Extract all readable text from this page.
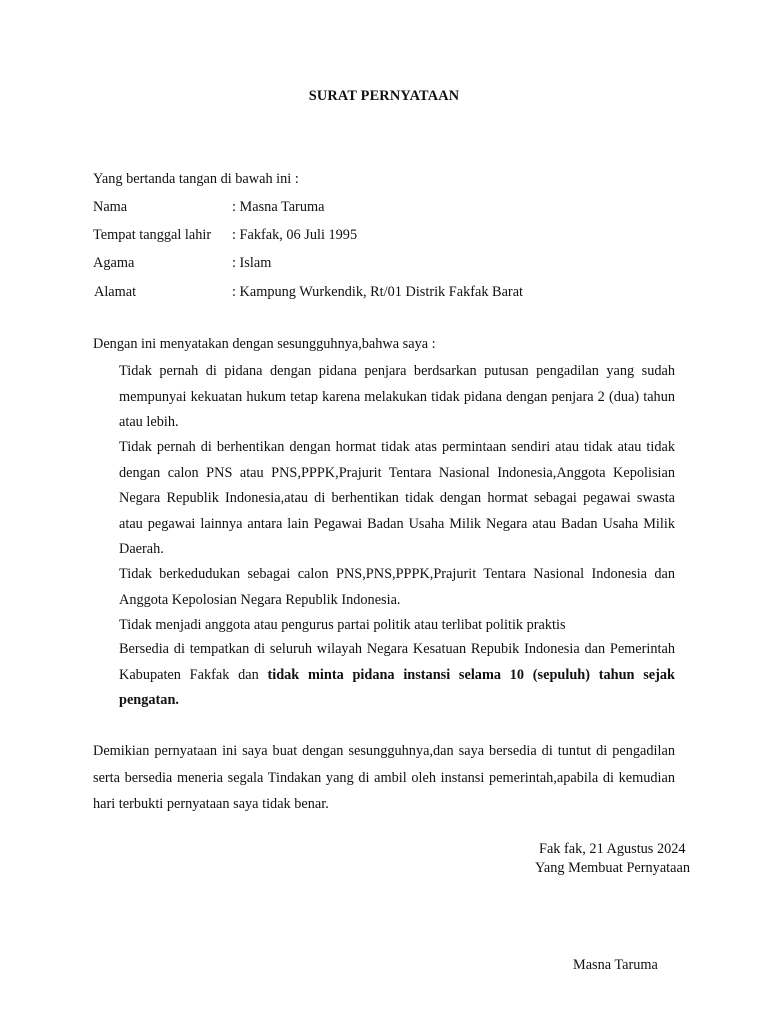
SURAT PERNYATAAN
Yang bertanda tangan di bawah ini :
Nama	: Masna Taruma
Tempat tanggal lahir : Fakfak, 06 Juli 1995
Agama	: Islam
Alamat	: Kampung Wurkendik, Rt/01 Distrik Fakfak Barat
Dengan ini menyatakan dengan sesungguhnya,bahwa saya :
Tidak pernah di pidana dengan pidana penjara berdsarkan putusan pengadilan yang sudah mempunyai kekuatan hukum tetap karena melakukan tidak pidana dengan penjara 2 (dua) tahun atau lebih.
Tidak pernah di berhentikan dengan hormat tidak atas permintaan sendiri atau tidak atau tidak dengan calon PNS atau PNS,PPPK,Prajurit Tentara Nasional Indonesia,Anggota Kepolisian Negara Republik Indonesia,atau di berhentikan tidak dengan hormat sebagai pegawai swasta atau pegawai lainnya antara lain Pegawai Badan Usaha Milik Negara atau Badan Usaha Milik Daerah.
Tidak berkedudukan sebagai calon PNS,PNS,PPPK,Prajurit Tentara Nasional Indonesia dan Anggota Kepolosian Negara Republik Indonesia.
Tidak menjadi anggota atau pengurus partai politik atau terlibat politik praktis
Bersedia di tempatkan di seluruh wilayah Negara Kesatuan Repubik Indonesia dan Pemerintah Kabupaten Fakfak dan tidak minta pidana instansi selama 10 (sepuluh) tahun sejak pengatan.
Demikian pernyataan ini saya buat dengan sesungguhnya,dan saya bersedia di tuntut di pengadilan serta bersedia meneria segala Tindakan yang di ambil oleh instansi pemerintah,apabila di kemudian hari terbukti pernyataan saya tidak benar.
Fak fak, 21 Agustus 2024
Yang Membuat Pernyataan
Masna Taruma
